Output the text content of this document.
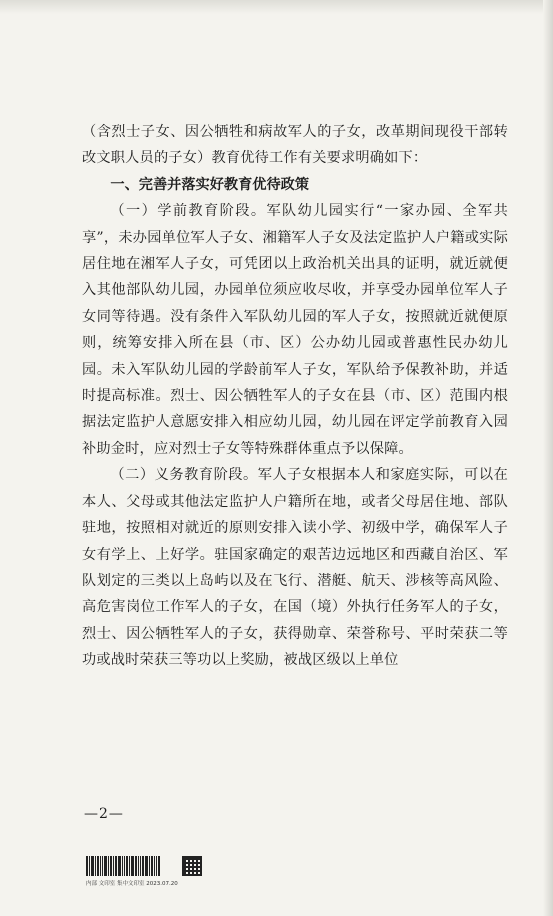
（含烈士子女、因公牺牲和病故军人的子女，改革期间现役干部转改文职人员的子女）教育优待工作有关要求明确如下：

一、完善并落实好教育优待政策

（一）学前教育阶段。军队幼儿园实行“一家办园、全军共享”，未办园单位军人子女、湘籍军人子女及法定监护人户籍或实际居住地在湘军人子女，可凭团以上政治机关出具的证明，就近就便入其他部队幼儿园，办园单位须应收尽收，并享受办园单位军人子女同等待遇。没有条件入军队幼儿园的军人子女，按照就近就便原则，统筹安排入所在县（市、区）公办幼儿园或普惠性民办幼儿园。未入军队幼儿园的学龄前军人子女，军队给予保教补助，并适时提高标准。烈士、因公牺牲军人的子女在县（市、区）范围内根据法定监护人意愿安排入相应幼儿园，幼儿园在评定学前教育入园补助金时，应对烈士子女等特殊群体重点予以保障。

（二）义务教育阶段。军人子女根据本人和家庭实际，可以在本人、父母或其他法定监护人户籍所在地，或者父母居住地、部队驻地，按照相对就近的原则安排入读小学、初级中学，确保军人子女有学上、上好学。驻国家确定的艰苦边远地区和西藏自治区、军队划定的三类以上岛屿以及在飞行、潜艇、航天、涉核等高风险、高危害岗位工作军人的子女，在国（境）外执行任务军人的子女，烈士、因公牺牲军人的子女，获得勋章、荣誉称号、平时荣获二等功或战时荣获三等功以上奖励，被战区级以上单位

—2—
内部 文印室 集中文印室 2023.07.20
